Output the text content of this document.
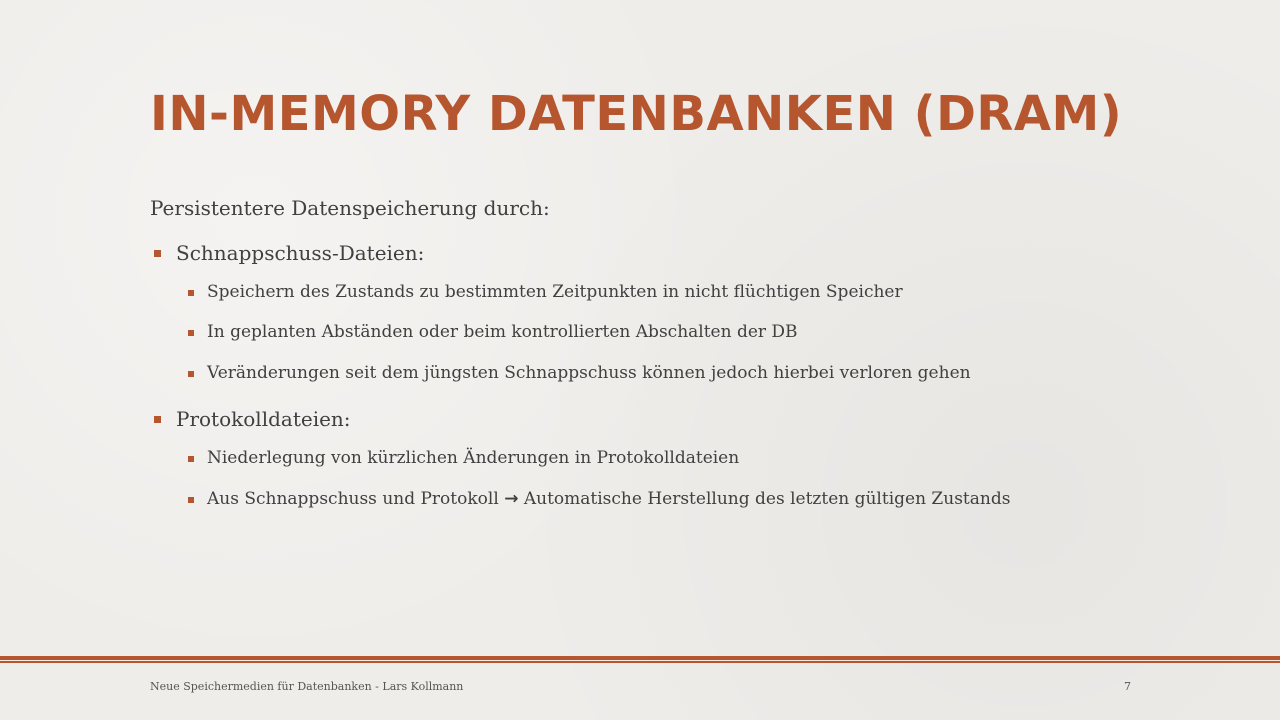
IN-MEMORY DATENBANKEN (DRAM)

Persistentere Datenspeicherung durch:

Schnappschuss-Dateien:
Speichern des Zustands zu bestimmten Zeitpunkten in nicht flüchtigen Speicher
In geplanten Abständen oder beim kontrollierten Abschalten der DB
Veränderungen seit dem jüngsten Schnappschuss können jedoch hierbei verloren gehen
Protokolldateien:
Niederlegung von kürzlichen Änderungen in Protokolldateien
Aus Schnappschuss und Protokoll → Automatische Herstellung des letzten gültigen Zustands
Neue Speichermedien für Datenbanken - Lars Kollmann	7
